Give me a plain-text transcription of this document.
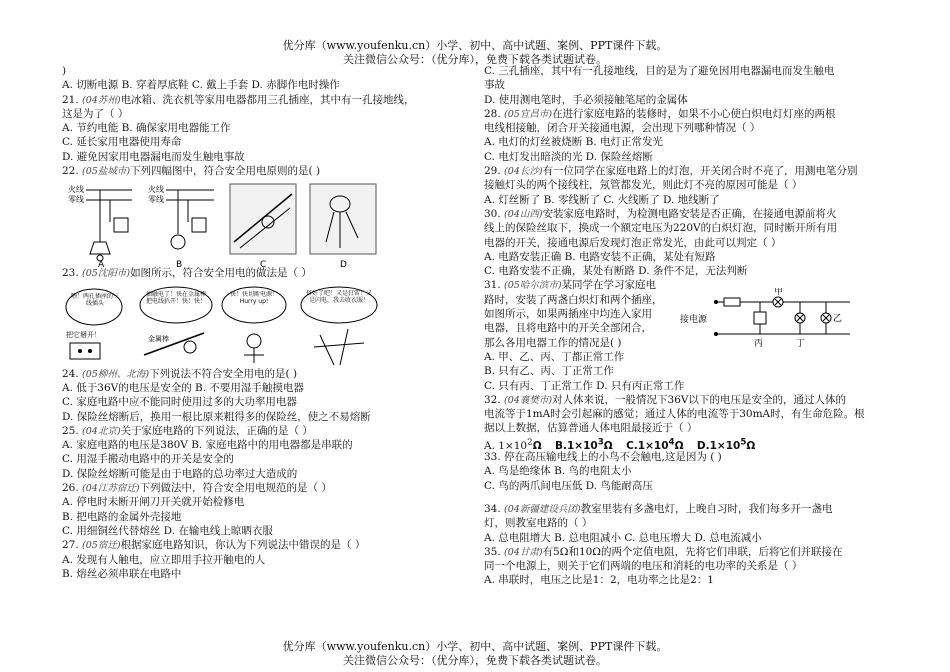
优分库（www.youfenku.cn）小学、初中、高中试题、案例、PPT课件下载。
关注微信公众号：（优分库），免费下载各类试题试卷。
)
A. 切断电源 B. 穿着厚底鞋 C. 戴上手套 D. 赤脚作电时操作
21. (04苏州)电冰箱、洗衣机等家用电器都用三孔插座，其中有一孔接地线，
这是为了（ ）
A. 节约电能 B. 确保家用电器能工作
C. 延长家用电器使用寿命
D. 避免因家用电器漏电而发生触电事故
22. (05盐城市)下列四幅图中，符合安全用电原则的是( )
23. (05沈阳市)如图所示，符合安全用电的做法是（ ）
24. (05柳州、北海)下列说法不符合安全用电的是( )
A. 低于36V的电压是安全的 B. 不要用湿手触摸电器
C. 家庭电路中应不能同时使用过多的大功率用电器
D. 保险丝熔断后，换用一根比原来粗得多的保险丝，使之不易熔断
25. (04北京)关于家庭电路的下列说法，正确的是（ ）
A. 家庭电路的电压是380V B. 家庭电路中的用电器都是串联的
C. 用湿手搬动电路中的开关是安全的
D. 保险丝熔断可能是由于电路的总功率过大造成的
26. (04江苏宿迁)下列做法中，符合安全用电规范的是（ ）
A. 停电时未断开闸刀开关就开始检修电
B. 把电路的金属外壳接地
C. 用细铜丝代替熔丝 D. 在输电线上晾晒衣服
27. (05宿迁)根据家庭电路知识，你认为下列说法中错误的是（ ）
A. 发现有人触电，应立即用手拉开触电的人
B. 熔丝必须串联在电路中
火线
零线
A
火线
零线
B	C	D
喂！两孔插座的三线插头
把它掰开！
抽触电了！快在金属棒把电线扒开！快！快！
金属棒
快！快切断电源！Hurry up!
搭好了吧！又是打雷！又是闪电，我去收衣服！
C. 三孔插座，其中有一孔接地线，目的是为了避免因用电器漏电而发生触电
事故
D. 使用测电笔时，手必须接触笔尾的金属体
28. (05宜昌市)在进行家庭电路的装修时，如果不小心使白炽电灯灯座的两根
电线相接触，闭合开关接通电源，会出现下列哪种情况（ ）
A. 电灯的灯丝被烧断 B. 电灯正常发光
C. 电灯发出暗淡的光 D. 保险丝熔断
29. (04长沙)有一位同学在家庭电路上的灯泡，开关闭合时不亮了，用测电笔分别
接触灯头的两个接线柱，氖管都发光，则此灯不亮的原因可能是（ ）
A. 灯丝断了 B. 零线断了 C. 火线断了 D. 地线断了
30. (04山西)安装家庭电路时，为检测电路安装是否正确，在接通电源前将火
线上的保险丝取下，换成一个额定电压为220V的白炽灯泡，同时断开所有用
电器的开关，接通电源后发现灯泡正常发光，由此可以判定（ ）
A. 电路安装正确 B. 电路安装不正确，某处有短路
C. 电路安装不正确，某处有断路 D. 条件不足，无法判断
31. (05哈尔滨市)某同学在学习家庭电
路时，安装了两盏白炽灯和两个插座，
如图所示，如果两插座中均连入家用
电器，且将电路中的开关全部闭合，
那么各用电器工作的情况是( )
A. 甲、乙、丙、丁都正常工作
B. 只有乙、丙、丁正常工作
C. 只有丙、丁正常工作 D. 只有丙正常工作
32. (04襄樊市)对人体来说，一般情况下36V以下的电压是安全的，通过人体的
电流等于1mA时会引起麻的感觉；通过人体的电流等于30mA时，有生命危险。根
据以上数据，估算普通人体电阻最接近于（ ）
A. $1\times 10^2\Omega$ $B.1\times 10^3\Omega$ $C.1\times 10^4\Omega$ $D.1\times 10^5\Omega$
33. 停在高压输电线上的小鸟不会触电,这是因为 ( )
A. 鸟是绝缘体 B. 鸟的电阻太小
C. 鸟的两爪间电压低 D. 鸟能耐高压
34. (04新疆建设兵团)教室里装有多盏电灯，上晚自习时，我们每多开一盏电
灯，则教室电路的（ ）
A. 总电阻增大 B. 总电阻减小 C. 总电压增大 D. 总电流减小
35. (04甘肃)有5Ω和10Ω的两个定值电阻，先将它们串联，后将它们并联接在
同一个电源上，则关于它们两端的电压和消耗的电功率的关系是（ ）
A. 串联时，电压之比是1：2，电功率之比是2：1
接电源
甲
乙
丙	丁
优分库（www.youfenku.cn）小学、初中、高中试题、案例、PPT课件下载。
关注微信公众号：（优分库），免费下载各类试题试卷。
